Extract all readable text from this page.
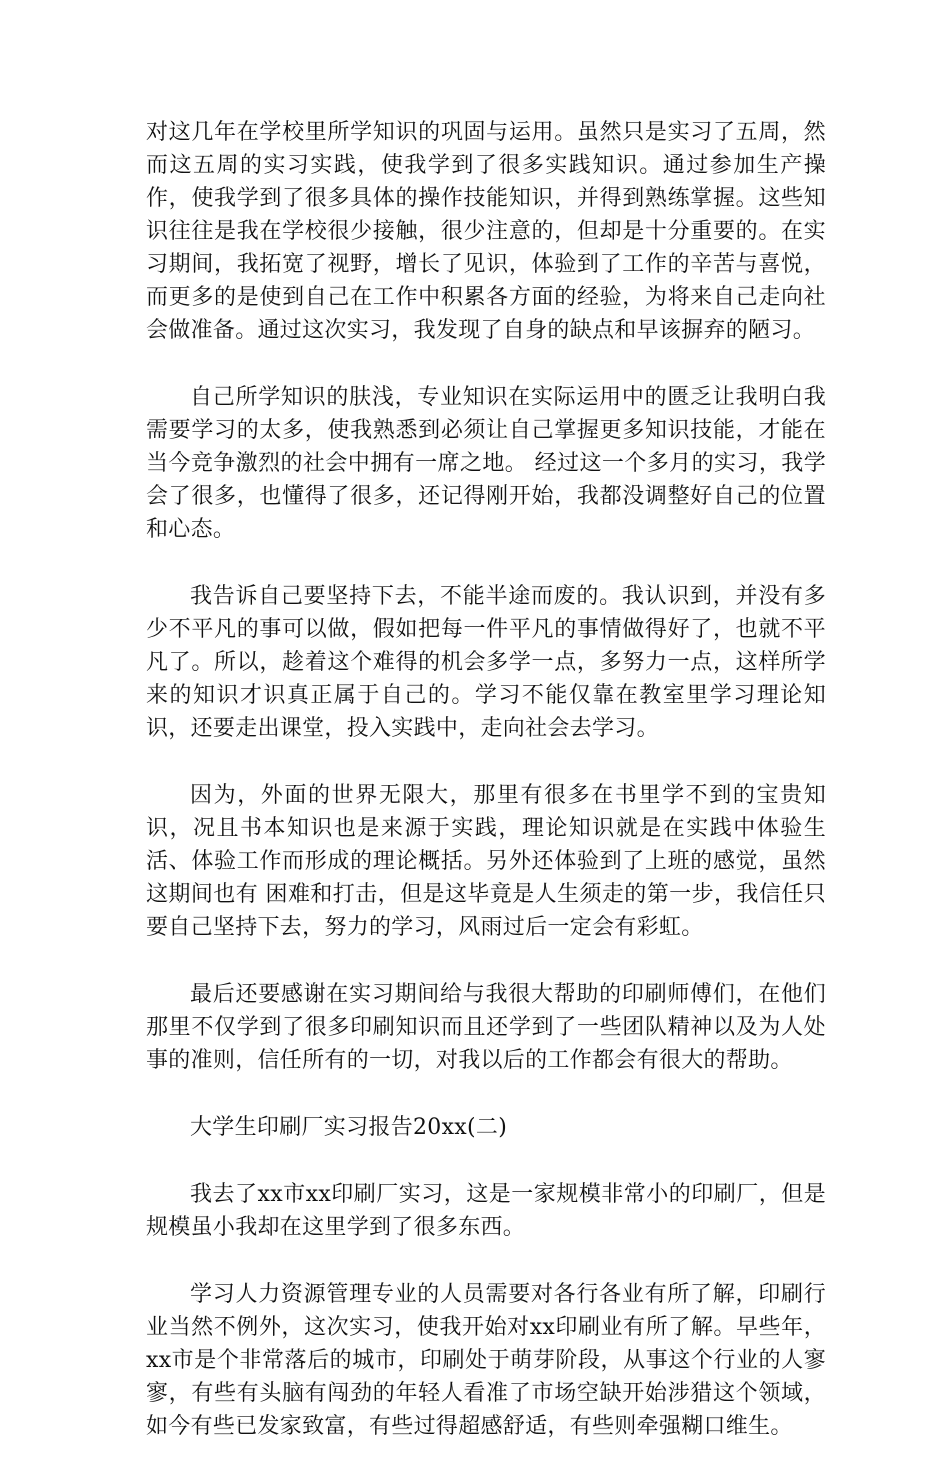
对这几年在学校里所学知识的巩固与运用。虽然只是实习了五周，然而这五周的实习实践，使我学到了很多实践知识。通过参加生产操作，使我学到了很多具体的操作技能知识，并得到熟练掌握。这些知识往往是我在学校很少接触，很少注意的，但却是十分重要的。在实习期间，我拓宽了视野，增长了见识，体验到了工作的辛苦与喜悦，而更多的是使到自己在工作中积累各方面的经验，为将来自己走向社会做准备。通过这次实习，我发现了自身的缺点和早该摒弃的陋习。

自己所学知识的肤浅，专业知识在实际运用中的匮乏让我明白我需要学习的太多，使我熟悉到必须让自己掌握更多知识技能，才能在当今竞争激烈的社会中拥有一席之地。 经过这一个多月的实习，我学会了很多，也懂得了很多，还记得刚开始，我都没调整好自己的位置和心态。

我告诉自己要坚持下去，不能半途而废的。我认识到，并没有多少不平凡的事可以做，假如把每一件平凡的事情做得好了，也就不平凡了。所以，趁着这个难得的机会多学一点，多努力一点，这样所学来的知识才识真正属于自己的。学习不能仅靠在教室里学习理论知识，还要走出课堂，投入实践中，走向社会去学习。

因为，外面的世界无限大，那里有很多在书里学不到的宝贵知识，况且书本知识也是来源于实践，理论知识就是在实践中体验生活、体验工作而形成的理论概括。另外还体验到了上班的感觉，虽然这期间也有 困难和打击，但是这毕竟是人生须走的第一步，我信任只要自己坚持下去，努力的学习，风雨过后一定会有彩虹。

最后还要感谢在实习期间给与我很大帮助的印刷师傅们，在他们那里不仅学到了很多印刷知识而且还学到了一些团队精神以及为人处事的准则，信任所有的一切，对我以后的工作都会有很大的帮助。

大学生印刷厂实习报告20xx(二)

我去了xx市xx印刷厂实习，这是一家规模非常小的印刷厂，但是规模虽小我却在这里学到了很多东西。

学习人力资源管理专业的人员需要对各行各业有所了解，印刷行业当然不例外，这次实习，使我开始对xx印刷业有所了解。早些年，xx市是个非常落后的城市，印刷处于萌芽阶段，从事这个行业的人寥寥，有些有头脑有闯劲的年轻人看准了市场空缺开始涉猎这个领域，如今有些已发家致富，有些过得超感舒适，有些则牵强糊口维生。
